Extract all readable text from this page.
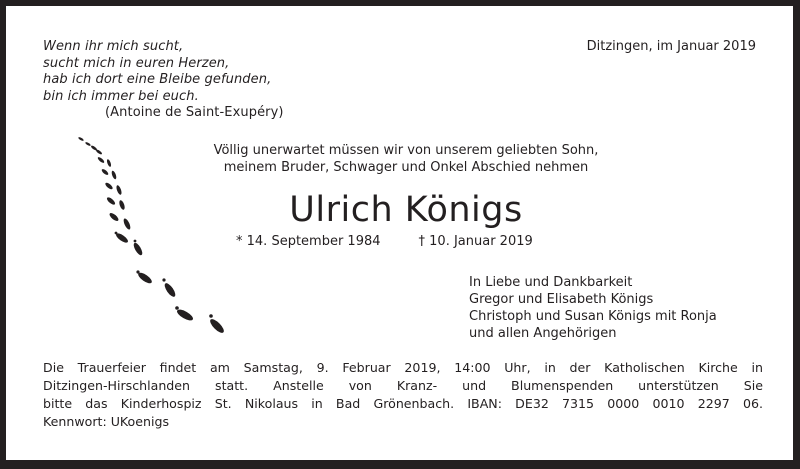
Wenn ihr mich sucht,
sucht mich in euren Herzen,
hab ich dort eine Bleibe gefunden,
bin ich immer bei euch.
(Antoine de Saint-Exupéry)
Ditzingen, im Januar 2019
Völlig unerwartet müssen wir von unserem geliebten Sohn,
meinem Bruder, Schwager und Onkel Abschied nehmen
Ulrich Königs
* 14. September 1984	† 10. Januar 2019
In Liebe und Dankbarkeit
Gregor und Elisabeth Königs
Christoph und Susan Königs mit Ronja
und allen Angehörigen
Die Trauerfeier findet am Samstag, 9. Februar 2019, 14:00 Uhr, in der Katholischen Kirche in
Ditzingen-Hirschlanden statt. Anstelle von Kranz- und Blumenspenden unterstützen Sie
bitte das Kinderhospiz St. Nikolaus in Bad Grönenbach. IBAN: DE32 7315 0000 0010 2297 06.
Kennwort: UKoenigs
